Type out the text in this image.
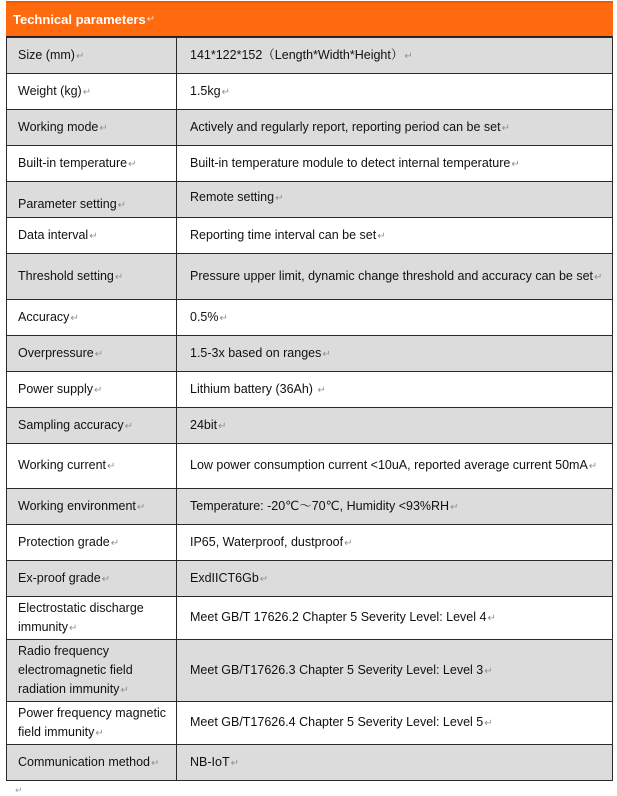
Technical parameters ↵
Size (mm)↵	141*122*152（Length*Width*Height）↵
Weight (kg)↵	1.5kg↵
Working mode↵	Actively and regularly report, reporting period can be set↵
Built-in temperature↵	Built-in temperature module to detect internal temperature↵
Parameter setting↵	Remote setting↵
Data interval↵	Reporting time interval can be set↵
Threshold setting↵	Pressure upper limit, dynamic change threshold and accuracy can be set↵
Accuracy↵	0.5%↵
Overpressure↵	1.5-3x based on ranges↵
Power supply↵	Lithium battery (36Ah) ↵
Sampling accuracy↵	24bit↵
Working current↵	Low power consumption current <10uA, reported average current 50mA↵
Working environment↵	Temperature: -20℃～70℃, Humidity <93%RH↵
Protection grade↵	IP65, Waterproof, dustproof↵
Ex-proof grade↵	ExdIICT6Gb↵
Electrostatic discharge immunity↵	Meet GB/T 17626.2 Chapter 5 Severity Level: Level 4↵
Radio frequency electromagnetic field radiation immunity↵	Meet GB/T17626.3 Chapter 5 Severity Level: Level 3↵
Power frequency magnetic field immunity↵	Meet GB/T17626.4 Chapter 5 Severity Level: Level 5↵
Communication method↵	NB-IoT↵
↵
